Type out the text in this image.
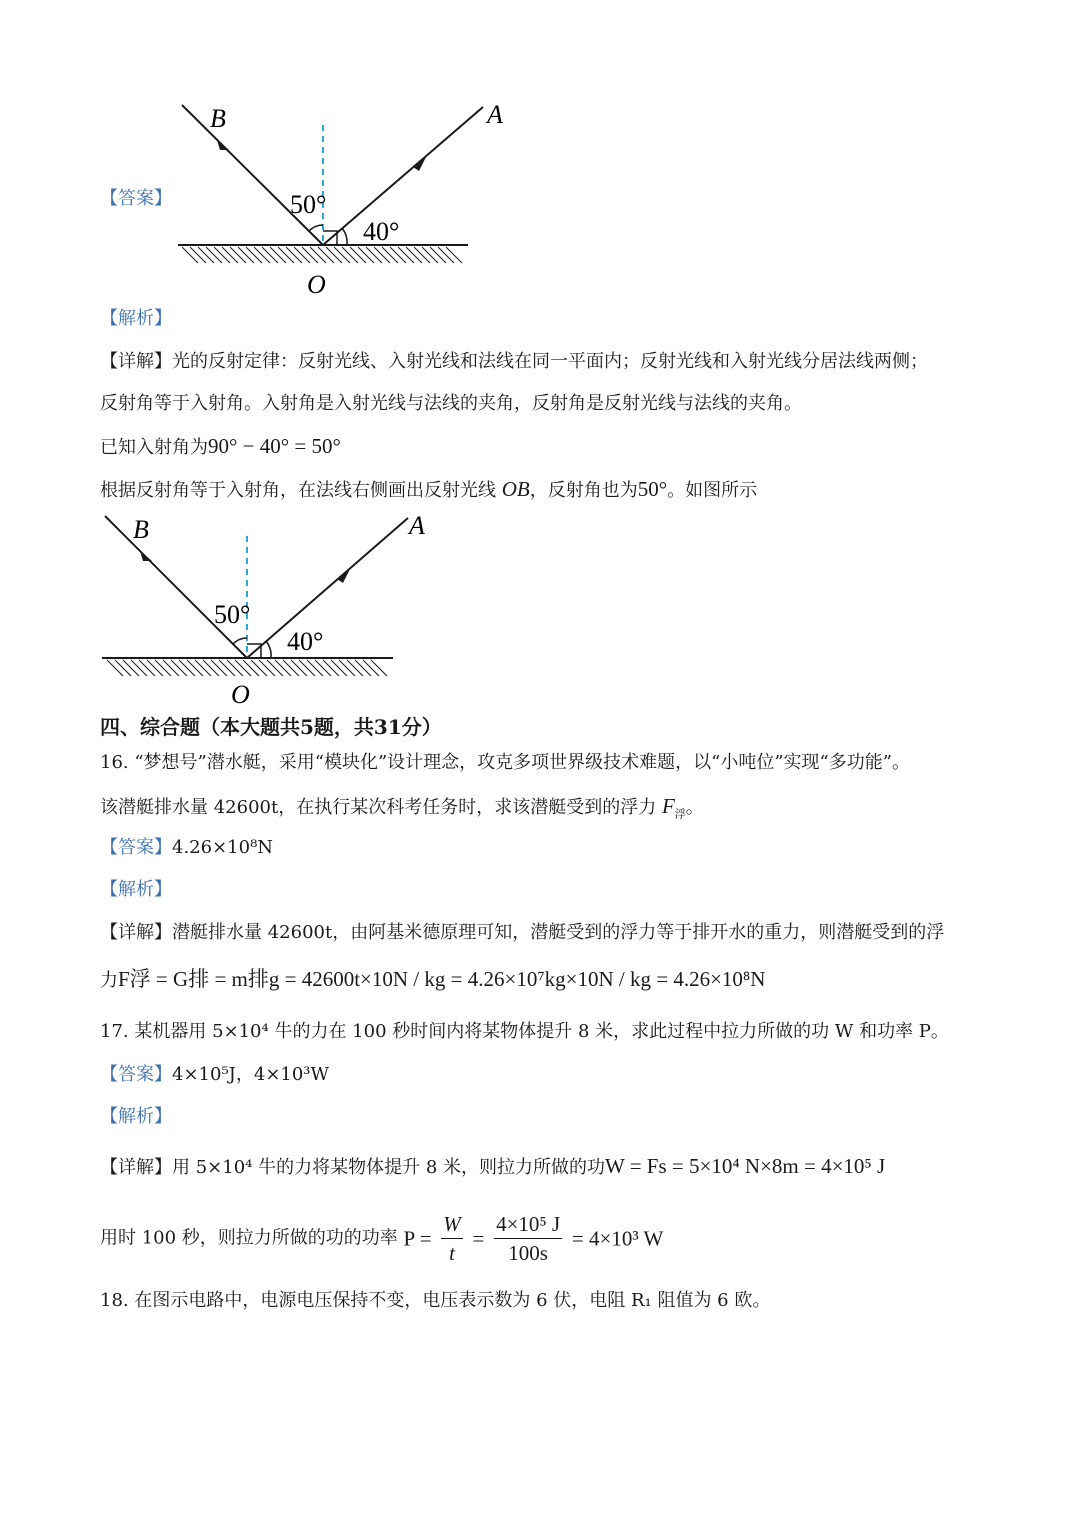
【答案】
B	A
50°
40°
O
【解析】
【详解】光的反射定律：反射光线、入射光线和法线在同一平面内；反射光线和入射光线分居法线两侧；
反射角等于入射角。入射角是入射光线与法线的夹角，反射角是反射光线与法线的夹角。
已知入射角为90° − 40° = 50°
根据反射角等于入射角，在法线右侧画出反射光线 OB，反射角也为50°。如图所示
B	A
50°
40°
O
四、综合题（本大题共5题，共31分）
16. “梦想号”潜水艇，采用“模块化”设计理念，攻克多项世界级技术难题，以“小吨位”实现“多功能”。
该潜艇排水量 42600t，在执行某次科考任务时，求该潜艇受到的浮力 $F_浮$。
【答案】4.26×10⁸N
【解析】
【详解】潜艇排水量 42600t，由阿基米德原理可知，潜艇受到的浮力等于排开水的重力，则潜艇受到的浮
力F浮 = G排 = m排g = 42600t×10N / kg = 4.26×10⁷kg×10N / kg = 4.26×10⁸N
17. 某机器用 5×10⁴ 牛的力在 100 秒时间内将某物体提升 8 米，求此过程中拉力所做的功 W 和功率 P。
【答案】4×10⁵J，4×10³W
【解析】
【详解】用 5×10⁴ 牛的力将某物体提升 8 米，则拉力所做的功W = Fs = 5×10⁴ N×8m = 4×10⁵ J
用时 100 秒，则拉力所做的功的功率 $P = \frac{W}{t} = \frac{\text{4×10⁵ J}}{100s} = 4\times 10^3$ W
18. 在图示电路中，电源电压保持不变，电压表示数为 6 伏，电阻 R₁ 阻值为 6 欧。
